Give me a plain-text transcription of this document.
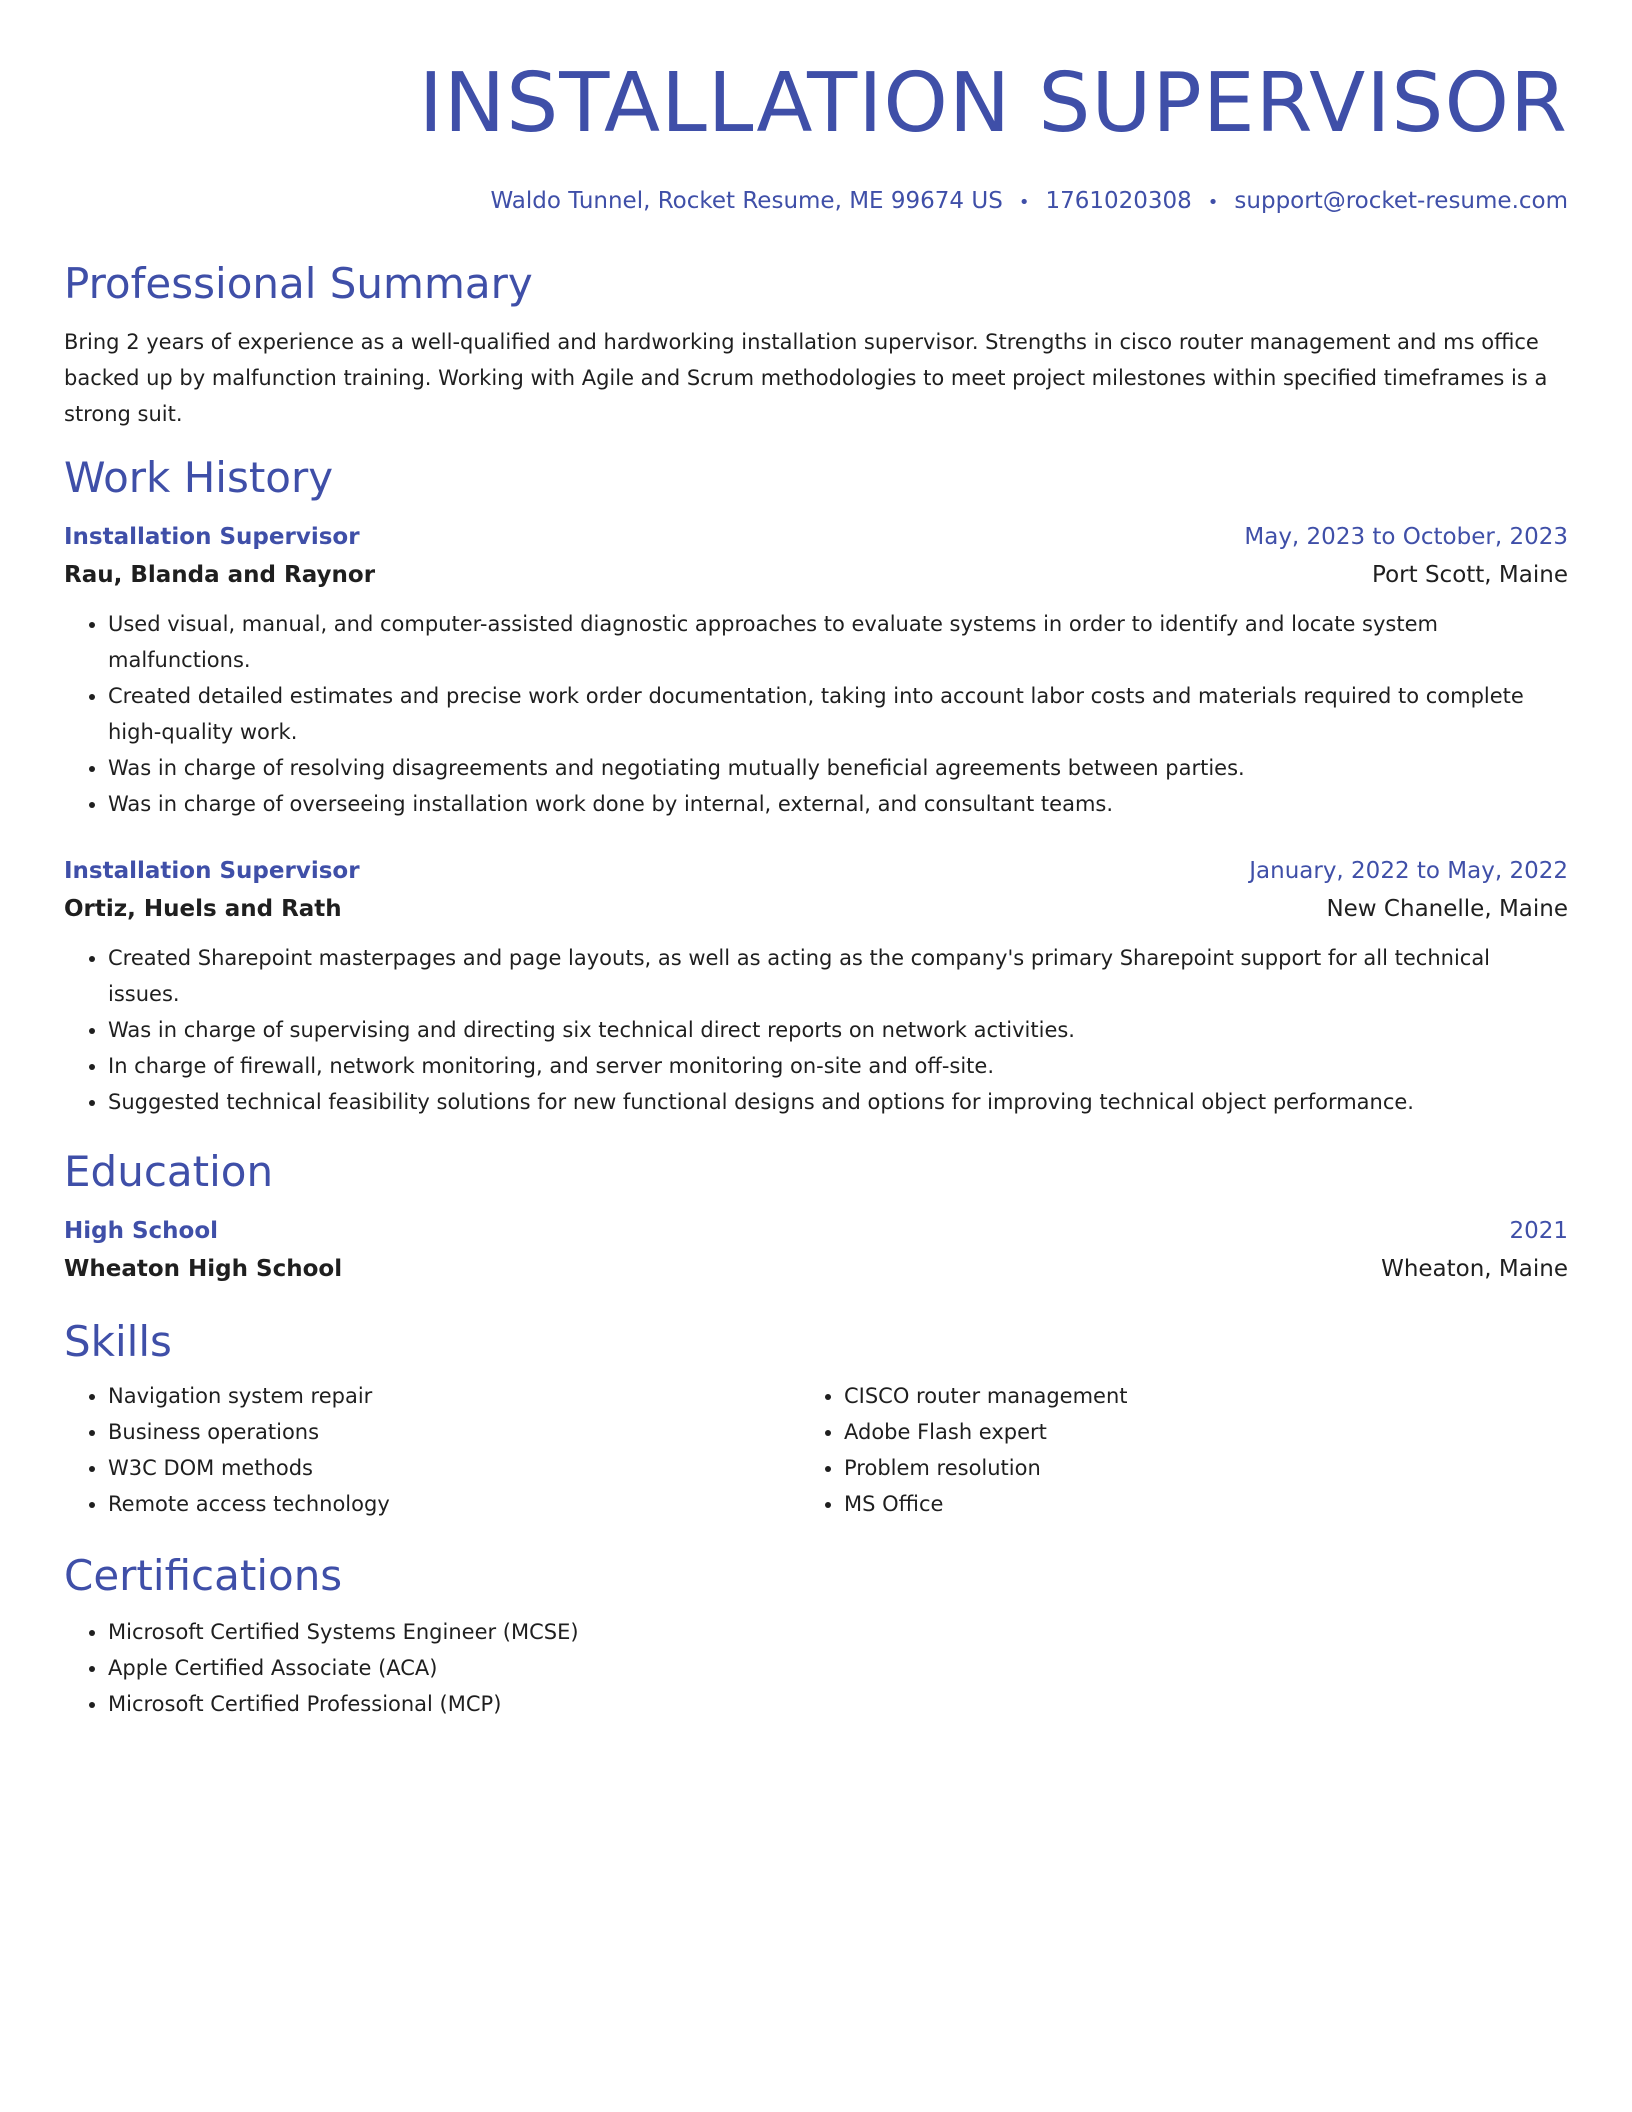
INSTALLATION SUPERVISOR
Waldo Tunnel, Rocket Resume, ME 99674 US • 1761020308 • support@rocket-resume.com
Professional Summary
Bring 2 years of experience as a well-qualified and hardworking installation supervisor. Strengths in cisco router management and ms office backed up by malfunction training. Working with Agile and Scrum methodologies to meet project milestones within specified timeframes is a strong suit.
Work History
Installation Supervisor	May, 2023 to October, 2023
Rau, Blanda and Raynor	Port Scott, Maine
• Used visual, manual, and computer-assisted diagnostic approaches to evaluate systems in order to identify and locate system malfunctions.
• Created detailed estimates and precise work order documentation, taking into account labor costs and materials required to complete high-quality work.
• Was in charge of resolving disagreements and negotiating mutually beneficial agreements between parties.
• Was in charge of overseeing installation work done by internal, external, and consultant teams.
Installation Supervisor	January, 2022 to May, 2022
Ortiz, Huels and Rath	New Chanelle, Maine
• Created Sharepoint masterpages and page layouts, as well as acting as the company's primary Sharepoint support for all technical issues.
• Was in charge of supervising and directing six technical direct reports on network activities.
• In charge of firewall, network monitoring, and server monitoring on-site and off-site.
• Suggested technical feasibility solutions for new functional designs and options for improving technical object performance.
Education
High School	2021
Wheaton High School	Wheaton, Maine
Skills
• Navigation system repair
• Business operations
• W3C DOM methods
• Remote access technology
• CISCO router management
• Adobe Flash expert
• Problem resolution
• MS Office
Certifications
• Microsoft Certified Systems Engineer (MCSE)
• Apple Certified Associate (ACA)
• Microsoft Certified Professional (MCP)
